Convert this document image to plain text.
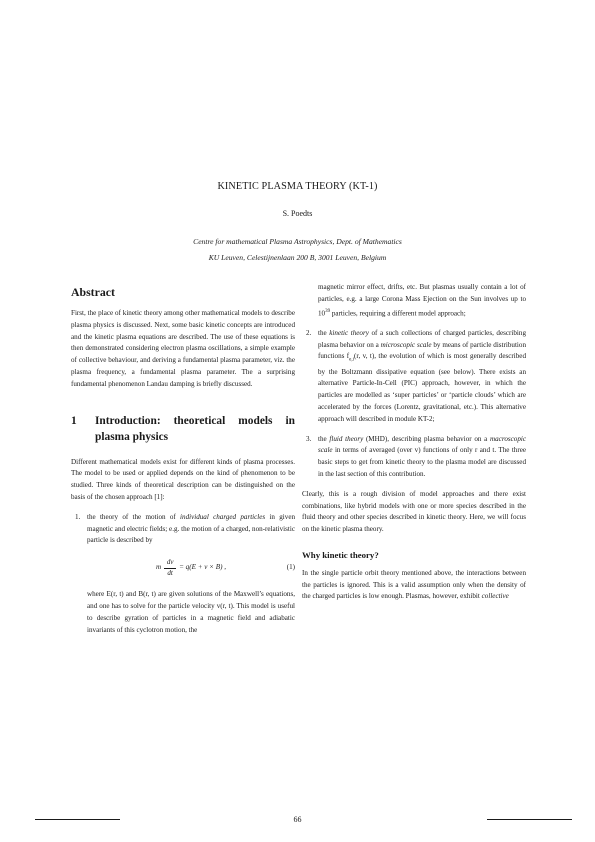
KINETIC PLASMA THEORY (KT-1)
S. Poedts
Centre for mathematical Plasma Astrophysics, Dept. of Mathematics
KU Leuven, Celestijnenlaan 200 B, 3001 Leuven, Belgium
Abstract

First, the place of kinetic theory among other mathematical models to describe plasma physics is discussed. Next, some basic kinetic concepts are introduced and the kinetic plasma equations are described. The use of these equations is then demonstrated considering electron plasma oscillations, a simple example of collective behaviour, and deriving a fundamental plasma parameter, viz. the plasma frequency, a fundamental plasma parameter. The a surprising fundamental phenomenon Landau damping is briefly discussed.

1	Introduction: theoretical models in plasma physics

Different mathematical models exist for different kinds of plasma processes. The model to be used or applied depends on the kind of phenomenon to be studied. Three kinds of theoretical description can be distinguished on the basis of the chosen approach [1]:

1. the theory of the motion of individual charged particles in given magnetic and electric fields; e.g. the motion of a charged, non-relativistic particle is described by
m $\frac{dv}{dt} = q(E + v \times B)$ ,	(1)
where E(r, t) and B(r, t) are given solutions of the Maxwell’s equations, and one has to solve for the particle velocity v(r, t). This model is useful to describe gyration of particles in a magnetic field and adiabatic invariants of this cyclotron motion, the
magnetic mirror effect, drifts, etc. But plasmas usually contain a lot of particles, e.g. a large Corona Mass Ejection on the Sun involves up to $10^{39}$ particles, requiring a different model approach;
2. the kinetic theory of a such collections of charged particles, describing plasma behavior on a microscopic scale by means of particle distribution functions $f_{e,i}(r$, v, t), the evolution of which is most generally described by the Boltzmann dissipative equation (see below). There exists an alternative Particle-In-Cell (PIC) approach, however, in which the particles are modelled as ‘super particles’ or ‘particle clouds’ which are accelerated by the forces (Lorentz, gravitational, etc.). This alternative approach will described in module KT-2;
3. the fluid theory (MHD), describing plasma behavior on a macroscopic scale in terms of averaged (over v) functions of only r and t. The three basic steps to get from kinetic theory to the plasma model are discussed in the last section of this contribution.

Clearly, this is a rough division of model approaches and there exist combinations, like hybrid models with one or more species described in the fluid theory and other species described in kinetic theory. Here, we will focus on the kinetic plasma theory.

Why kinetic theory?

In the single particle orbit theory mentioned above, the interactions between the particles is ignored. This is a valid assumption only when the density of the charged particles is low enough. Plasmas, however, exhibit collective

66
